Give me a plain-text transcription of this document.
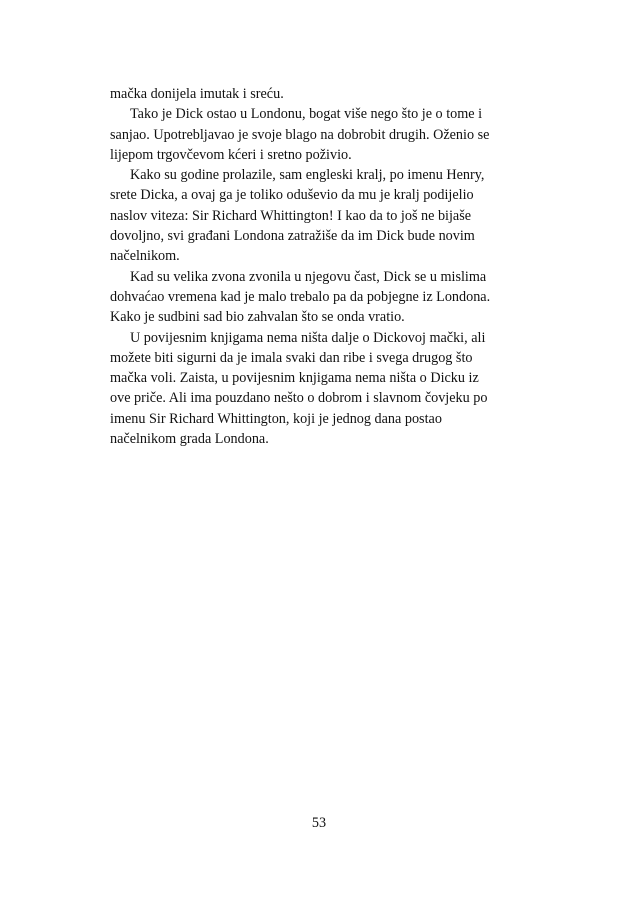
mačka donijela imutak i sreću.
Tako je Dick ostao u Londonu, bogat više nego što je o tome i
sanjao. Upotrebljavao je svoje blago na dobrobit drugih. Oženio se
lijepom trgovčevom kćeri i sretno poživio.
Kako su godine prolazile, sam engleski kralj, po imenu Henry,
srete Dicka, a ovaj ga je toliko oduševio da mu je kralj podijelio
naslov viteza: Sir Richard Whittington! I kao da to još ne bijaše
dovoljno, svi građani Londona zatražiše da im Dick bude novim
načelnikom.
Kad su velika zvona zvonila u njegovu čast, Dick se u mislima
dohvaćao vremena kad je malo trebalo pa da pobjegne iz Londona.
Kako je sudbini sad bio zahvalan što se onda vratio.
U povijesnim knjigama nema ništa dalje o Dickovoj mački, ali
možete biti sigurni da je imala svaki dan ribe i svega drugog što
mačka voli. Zaista, u povijesnim knjigama nema ništa o Dicku iz
ove priče. Ali ima pouzdano nešto o dobrom i slavnom čovjeku po
imenu Sir Richard Whittington, koji je jednog dana postao
načelnikom grada Londona.
53
